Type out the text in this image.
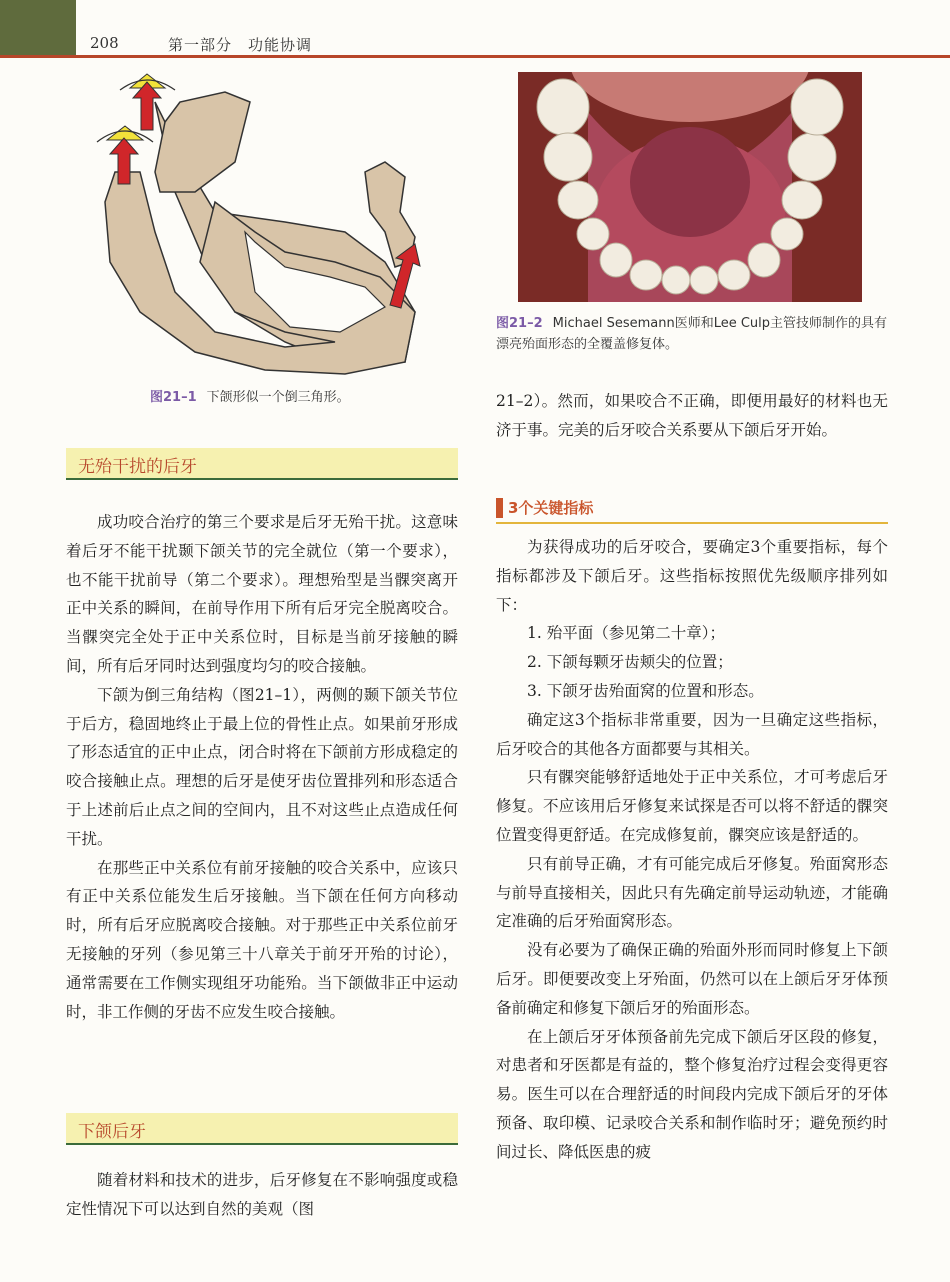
208	第一部分　功能协调
图21–1 下颌形似一个倒三角形。
图21–2 Michael Sesemann医师和Lee Culp主管技师制作的具有漂亮殆面形态的全覆盖修复体。
无殆干扰的后牙

成功咬合治疗的第三个要求是后牙无殆干扰。这意味着后牙不能干扰颞下颌关节的完全就位（第一个要求），也不能干扰前导（第二个要求）。理想殆型是当髁突离开正中关系的瞬间，在前导作用下所有后牙完全脱离咬合。当髁突完全处于正中关系位时，目标是当前牙接触的瞬间，所有后牙同时达到强度均匀的咬合接触。

下颌为倒三角结构（图21–1），两侧的颞下颌关节位于后方，稳固地终止于最上位的骨性止点。如果前牙形成了形态适宜的正中止点，闭合时将在下颌前方形成稳定的咬合接触止点。理想的后牙是使牙齿位置排列和形态适合于上述前后止点之间的空间内，且不对这些止点造成任何干扰。

在那些正中关系位有前牙接触的咬合关系中，应该只有正中关系位能发生后牙接触。当下颌在任何方向移动时，所有后牙应脱离咬合接触。对于那些正中关系位前牙无接触的牙列（参见第三十八章关于前牙开殆的讨论），通常需要在工作侧实现组牙功能殆。当下颌做非正中运动时，非工作侧的牙齿不应发生咬合接触。

下颌后牙

随着材料和技术的进步，后牙修复在不影响强度或稳定性情况下可以达到自然的美观（图

21–2）。然而，如果咬合不正确，即便用最好的材料也无济于事。完美的后牙咬合关系要从下颌后牙开始。

3个关键指标

为获得成功的后牙咬合，要确定3个重要指标，每个指标都涉及下颌后牙。这些指标按照优先级顺序排列如下：

1. 殆平面（参见第二十章）；

2. 下颌每颗牙齿颊尖的位置；

3. 下颌牙齿殆面窝的位置和形态。

确定这3个指标非常重要，因为一旦确定这些指标，后牙咬合的其他各方面都要与其相关。

只有髁突能够舒适地处于正中关系位，才可考虑后牙修复。不应该用后牙修复来试探是否可以将不舒适的髁突位置变得更舒适。在完成修复前，髁突应该是舒适的。

只有前导正确，才有可能完成后牙修复。殆面窝形态与前导直接相关，因此只有先确定前导运动轨迹，才能确定准确的后牙殆面窝形态。

没有必要为了确保正确的殆面外形而同时修复上下颌后牙。即便要改变上牙殆面，仍然可以在上颌后牙牙体预备前确定和修复下颌后牙的殆面形态。

在上颌后牙牙体预备前先完成下颌后牙区段的修复，对患者和牙医都是有益的，整个修复治疗过程会变得更容易。医生可以在合理舒适的时间段内完成下颌后牙的牙体预备、取印模、记录咬合关系和制作临时牙；避免预约时间过长、降低医患的疲
